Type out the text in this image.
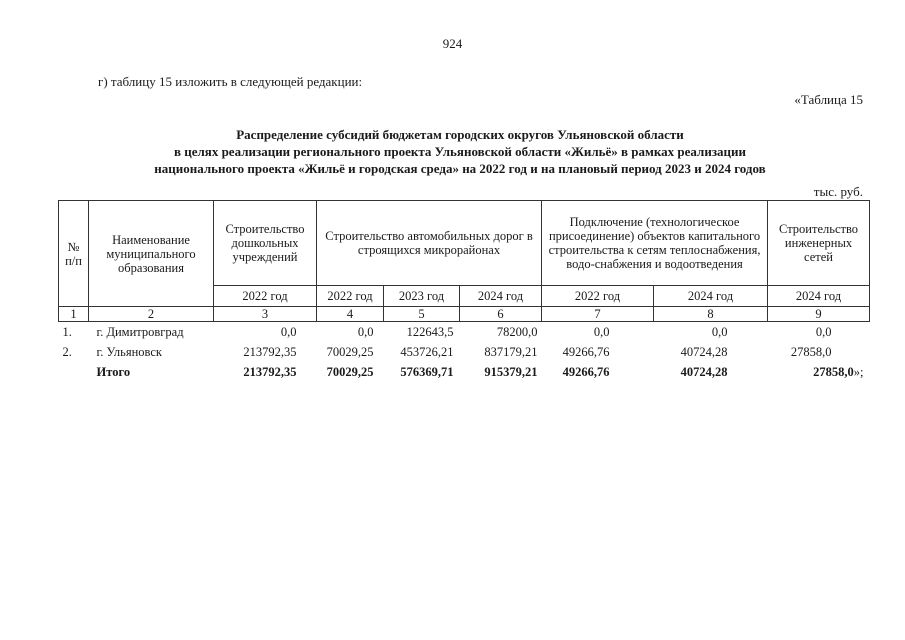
924
г) таблицу 15 изложить в следующей редакции:
«Таблица 15
Распределение субсидий бюджетам городских округов Ульяновской области
в целях реализации регионального проекта Ульяновской области «Жильё» в рамках реализации
национального проекта «Жильё и городская среда» на 2022 год и на плановый период 2023 и 2024 годов
тыс. руб.
№ п/п	Наименование муниципального образования	Строительство дошкольных учреждений	Строительство автомобильных дорог в строящихся микрорайонах			Подключение (технологическое присоединение) объектов капитального строительства к сетям теплоснабжения, водо-снабжения и водоотведения		Строительство инженерных сетей
		2022 год	2022 год	2023 год	2024 год	2022 год	2024 год	2024 год
1	2	3	4	5	6	7	8	9
1.	г. Димитровград	0,0	0,0	122643,5	78200,0	0,0	0,0	0,0
2.	г. Ульяновск	213792,35	70029,25	453726,21	837179,21	49266,76	40724,28	27858,0
	Итого	213792,35	70029,25	576369,71	915379,21	49266,76	40724,28	27858,0»;
